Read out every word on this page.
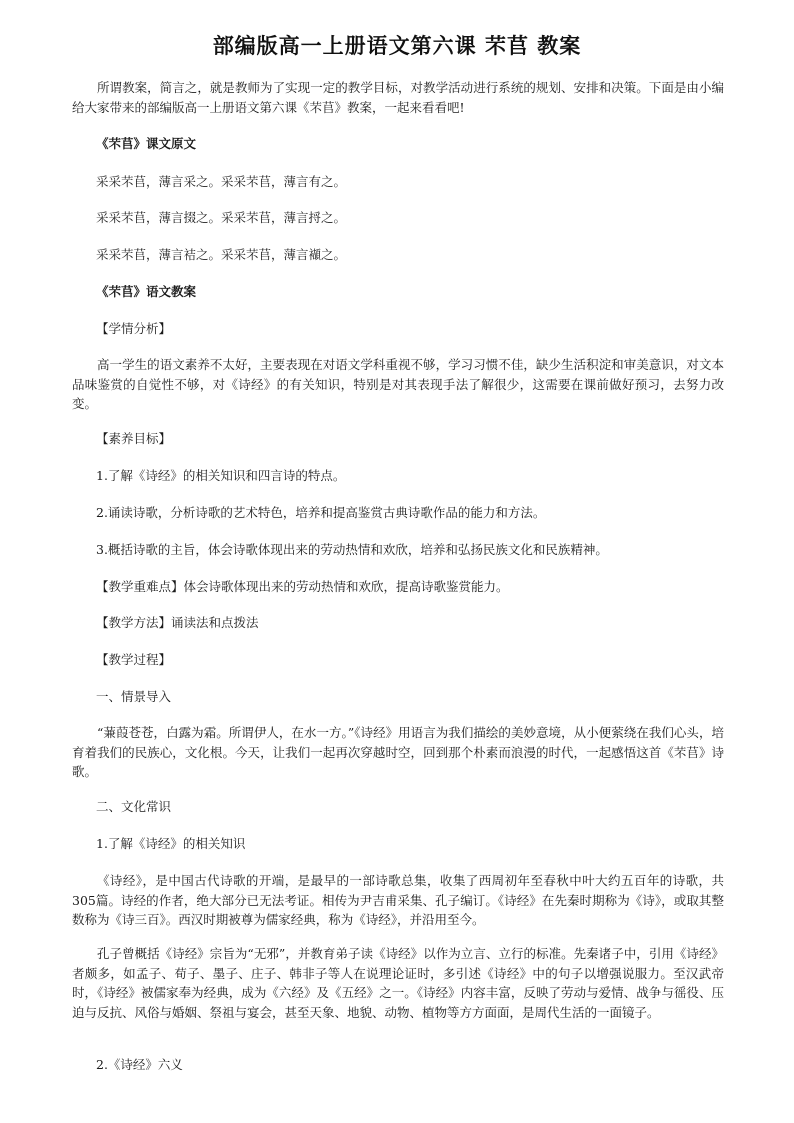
部编版高一上册语文第六课 芣苢 教案

所谓教案，简言之，就是教师为了实现一定的教学目标，对教学活动进行系统的规划、安排和决策。下面是由小编给大家带来的部编版高一上册语文第六课《芣苢》教案，一起来看看吧!

《芣苢》课文原文
采采芣苢，薄言采之。采采芣苢，薄言有之。
采采芣苢，薄言掇之。采采芣苢，薄言捋之。
采采芣苢，薄言袺之。采采芣苢，薄言襭之。
《芣苢》语文教案
【学情分析】

高一学生的语文素养不太好，主要表现在对语文学科重视不够，学习习惯不佳，缺少生活积淀和审美意识，对文本品味鉴赏的自觉性不够，对《诗经》的有关知识，特别是对其表现手法了解很少，这需要在课前做好预习，去努力改变。

【素养目标】
1.了解《诗经》的相关知识和四言诗的特点。
2.诵读诗歌，分析诗歌的艺术特色，培养和提高鉴赏古典诗歌作品的能力和方法。
3.概括诗歌的主旨，体会诗歌体现出来的劳动热情和欢欣，培养和弘扬民族文化和民族精神。
【教学重难点】体会诗歌体现出来的劳动热情和欢欣，提高诗歌鉴赏能力。
【教学方法】诵读法和点拨法
【教学过程】
一、情景导入

“蒹葭苍苍，白露为霜。所谓伊人，在水一方。”《诗经》用语言为我们描绘的美妙意境，从小便萦绕在我们心头，培育着我们的民族心，文化根。今天，让我们一起再次穿越时空，回到那个朴素而浪漫的时代，一起感悟这首《芣苢》诗歌。

二、文化常识
1.了解《诗经》的相关知识

《诗经》，是中国古代诗歌的开端，是最早的一部诗歌总集，收集了西周初年至春秋中叶大约五百年的诗歌，共305篇。诗经的作者，绝大部分已无法考证。相传为尹吉甫采集、孔子编订。《诗经》在先秦时期称为《诗》，或取其整数称为《诗三百》。西汉时期被尊为儒家经典，称为《诗经》，并沿用至今。

孔子曾概括《诗经》宗旨为“无邪”，并教育弟子读《诗经》以作为立言、立行的标准。先秦诸子中，引用《诗经》者颇多，如孟子、荀子、墨子、庄子、韩非子等人在说理论证时，多引述《诗经》中的句子以增强说服力。至汉武帝时，《诗经》被儒家奉为经典，成为《六经》及《五经》之一。《诗经》内容丰富，反映了劳动与爱情、战争与徭役、压迫与反抗、风俗与婚姻、祭祖与宴会，甚至天象、地貌、动物、植物等方方面面，是周代生活的一面镜子。

2.《诗经》六义
